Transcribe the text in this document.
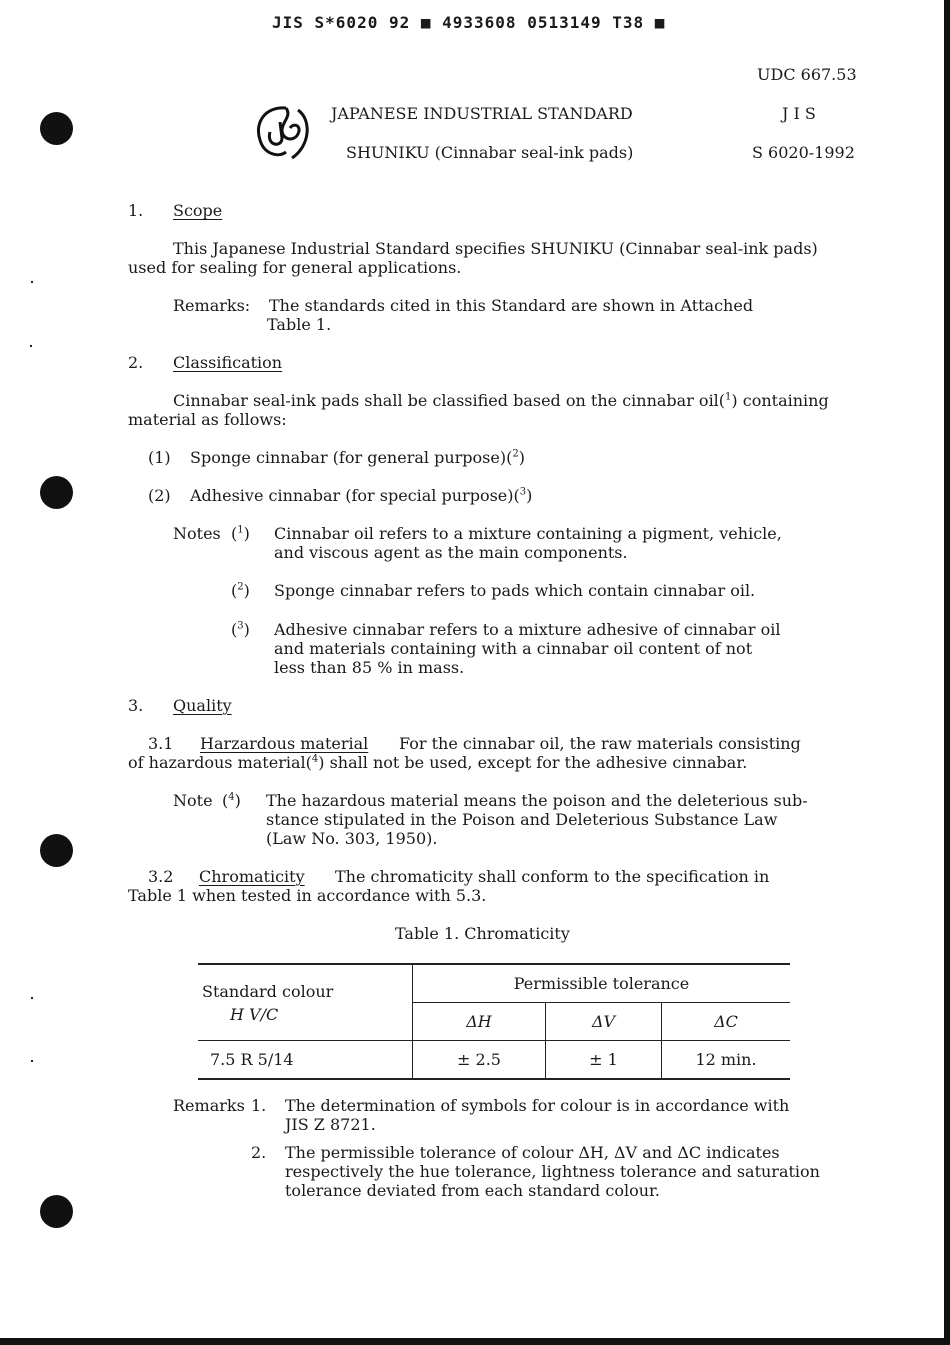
JIS S*6020 92 ■ 4933608 0513149 T38 ■
UDC 667.53
JAPANESE INDUSTRIAL STANDARD	J I S
SHUNIKU (Cinnabar seal-ink pads)	S 6020-1992
1. Scope
This Japanese Industrial Standard specifies SHUNIKU (Cinnabar seal-ink pads)
used for sealing for general applications.
Remarks: The standards cited in this Standard are shown in Attached
Table 1.
2. Classification
Cinnabar seal-ink pads shall be classified based on the cinnabar oil($^1$) containing
material as follows:
(1) Sponge cinnabar (for general purpose)($^2$)
(2) Adhesive cinnabar (for special purpose)($^3$)
Notes ($^1$) Cinnabar oil refers to a mixture containing a pigment, vehicle,
and viscous agent as the main components.
($^2$) Sponge cinnabar refers to pads which contain cinnabar oil.
($^3$) Adhesive cinnabar refers to a mixture adhesive of cinnabar oil
and materials containing with a cinnabar oil content of not
less than 85 % in mass.
3. Quality
3.1 Harzardous material For the cinnabar oil, the raw materials consisting
of hazardous material($^4$) shall not be used, except for the adhesive cinnabar.
Note ($^4$) The hazardous material means the poison and the deleterious sub-
stance stipulated in the Poison and Deleterious Substance Law
(Law No. 303, 1950).
3.2 Chromaticity The chromaticity shall conform to the specification in
Table 1 when tested in accordance with 5.3.
Table 1. Chromaticity
Standard colour
H V/C	Permissible tolerance		
	ΔH	ΔV	ΔC
7.5 R 5/14	± 2.5	± 1	12 min.
Remarks 1. The determination of symbols for colour is in accordance with
JIS Z 8721.
2. The permissible tolerance of colour ΔH, ΔV and ΔC indicates
respectively the hue tolerance, lightness tolerance and saturation
tolerance deviated from each standard colour.
